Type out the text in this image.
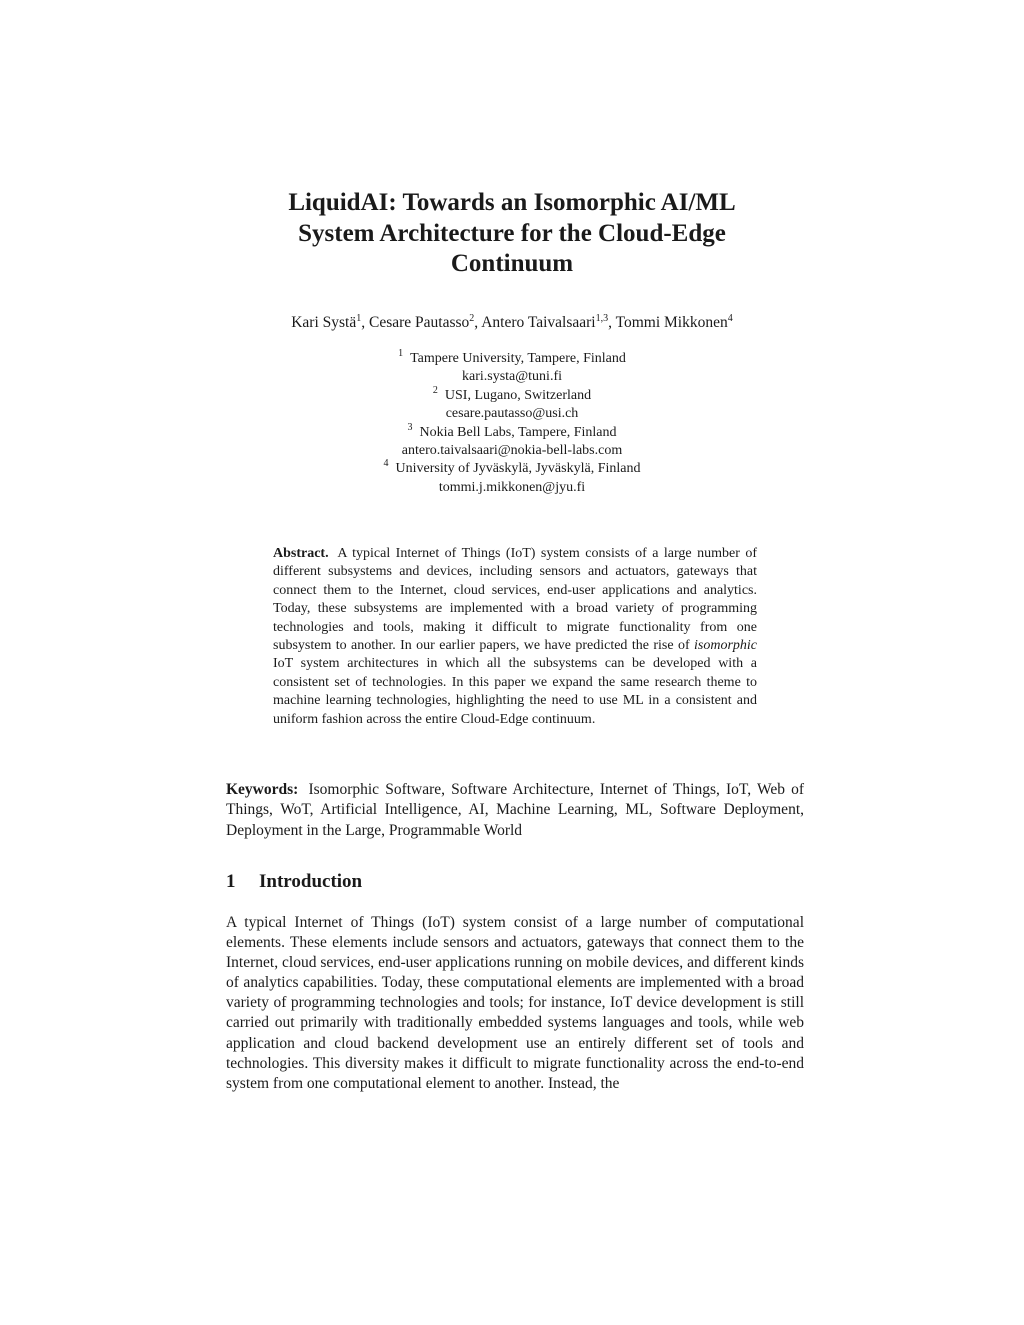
LiquidAI: Towards an Isomorphic AI/ML
System Architecture for the Cloud-Edge
Continuum
Kari Systä$^1$, Cesare Pautasso$^2$, Antero Taivalsaari$^{1,3}$, Tommi Mikkonen$^4$
$^1$ Tampere University, Tampere, Finland
kari.systa@tuni.fi
$^2$ USI, Lugano, Switzerland
cesare.pautasso@usi.ch
$^3$ Nokia Bell Labs, Tampere, Finland
antero.taivalsaari@nokia-bell-labs.com
$^4$ University of Jyväskylä, Jyväskylä, Finland
tommi.j.mikkonen@jyu.fi
Abstract. A typical Internet of Things (IoT) system consists of a large number of different subsystems and devices, including sensors and actuators, gateways that connect them to the Internet, cloud services, end-user applications and analytics. Today, these subsystems are implemented with a broad variety of programming technologies and tools, making it difficult to migrate functionality from one subsystem to another. In our earlier papers, we have predicted the rise of isomorphic IoT system architectures in which all the subsystems can be developed with a consistent set of technologies. In this paper we expand the same research theme to machine learning technologies, highlighting the need to use ML in a consistent and uniform fashion across the entire Cloud-Edge continuum.
Keywords: Isomorphic Software, Software Architecture, Internet of Things, IoT, Web of Things, WoT, Artificial Intelligence, AI, Machine Learning, ML, Software Deployment, Deployment in the Large, Programmable World
1 Introduction
A typical Internet of Things (IoT) system consist of a large number of computational elements. These elements include sensors and actuators, gateways that connect them to the Internet, cloud services, end-user applications running on mobile devices, and different kinds of analytics capabilities. Today, these computational elements are implemented with a broad variety of programming technologies and tools; for instance, IoT device development is still carried out primarily with traditionally embedded systems languages and tools, while web application and cloud backend development use an entirely different set of tools and technologies. This diversity makes it difficult to migrate functionality across the end-to-end system from one computational element to another. Instead, the
